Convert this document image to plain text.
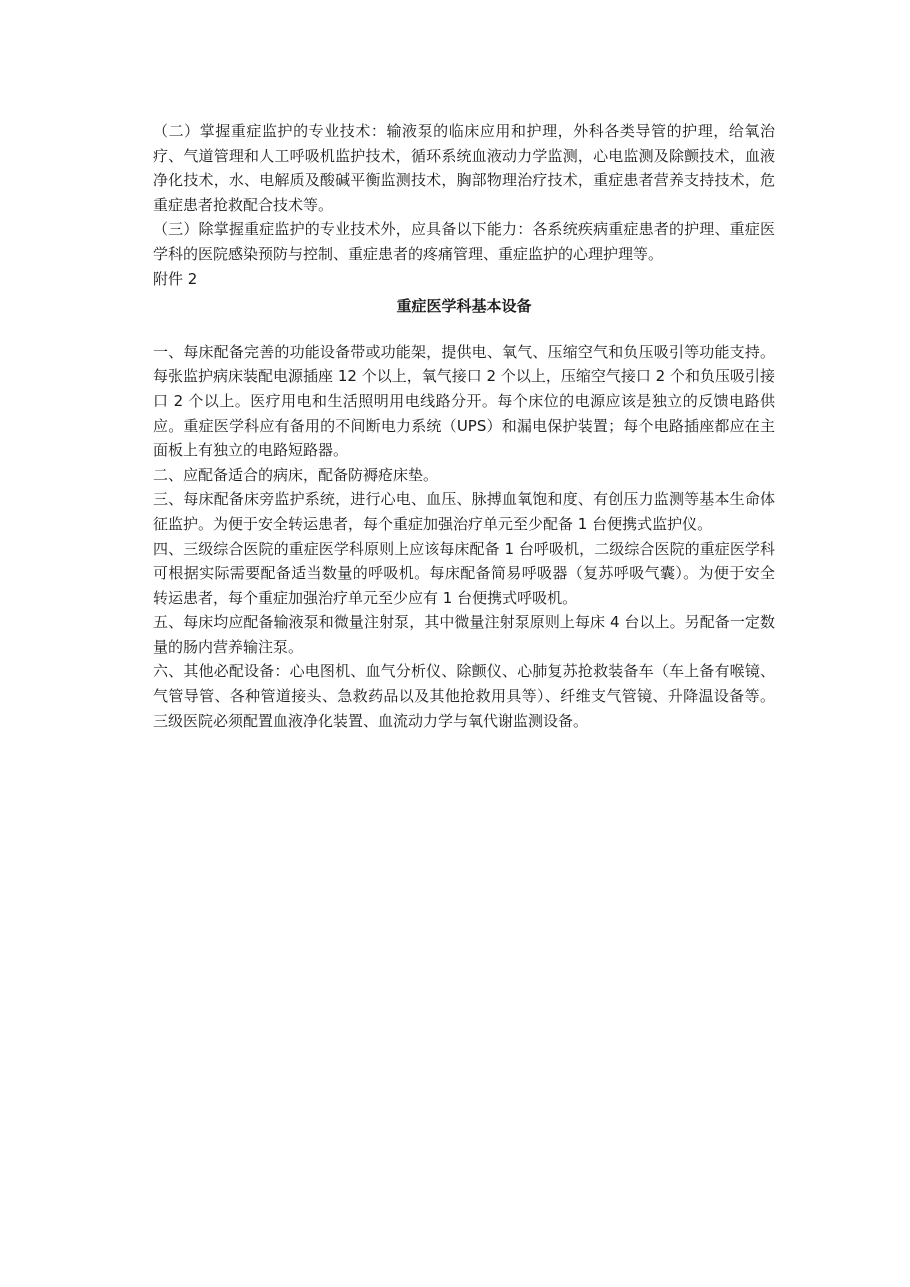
（二）掌握重症监护的专业技术：输液泵的临床应用和护理，外科各类导管的护理，给氧治疗、气道管理和人工呼吸机监护技术，循环系统血液动力学监测，心电监测及除颤技术，血液净化技术，水、电解质及酸碱平衡监测技术，胸部物理治疗技术，重症患者营养支持技术，危重症患者抢救配合技术等。

（三）除掌握重症监护的专业技术外，应具备以下能力：各系统疾病重症患者的护理、重症医学科的医院感染预防与控制、重症患者的疼痛管理、重症监护的心理护理等。

附件 2

重症医学科基本设备

一、每床配备完善的功能设备带或功能架，提供电、氧气、压缩空气和负压吸引等功能支持。每张监护病床装配电源插座 12 个以上，氧气接口 2 个以上，压缩空气接口 2 个和负压吸引接口 2 个以上。医疗用电和生活照明用电线路分开。每个床位的电源应该是独立的反馈电路供应。重症医学科应有备用的不间断电力系统（UPS）和漏电保护装置；每个电路插座都应在主面板上有独立的电路短路器。

二、应配备适合的病床，配备防褥疮床垫。

三、每床配备床旁监护系统，进行心电、血压、脉搏血氧饱和度、有创压力监测等基本生命体征监护。为便于安全转运患者，每个重症加强治疗单元至少配备 1 台便携式监护仪。

四、三级综合医院的重症医学科原则上应该每床配备 1 台呼吸机，二级综合医院的重症医学科可根据实际需要配备适当数量的呼吸机。每床配备简易呼吸器（复苏呼吸气囊）。为便于安全转运患者，每个重症加强治疗单元至少应有 1 台便携式呼吸机。

五、每床均应配备输液泵和微量注射泵，其中微量注射泵原则上每床 4 台以上。另配备一定数量的肠内营养输注泵。

六、其他必配设备：心电图机、血气分析仪、除颤仪、心肺复苏抢救装备车（车上备有喉镜、气管导管、各种管道接头、急救药品以及其他抢救用具等）、纤维支气管镜、升降温设备等。三级医院必须配置血液净化装置、血流动力学与氧代谢监测设备。
